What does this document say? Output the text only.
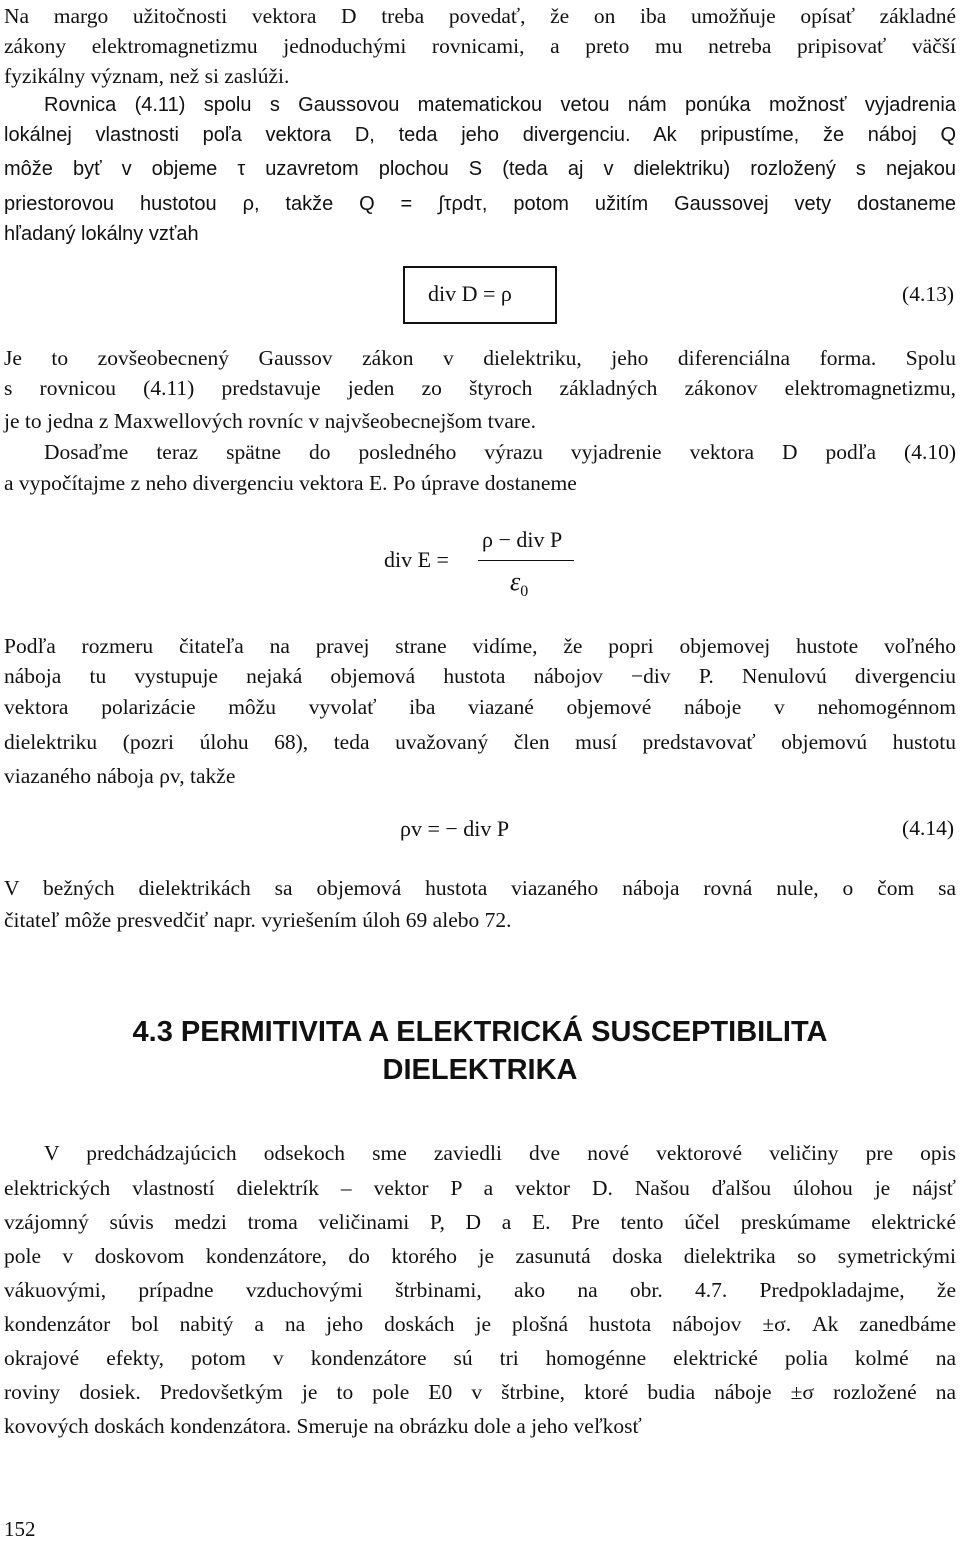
Na margo užitočnosti vektora D treba povedať, že on iba umožňuje opísať základné
zákony elektromagnetizmu jednoduchými rovnicami, a preto mu netreba pripisovať väčší
fyzikálny význam, než si zaslúži.
Rovnica (4.11) spolu s Gaussovou matematickou vetou nám ponúka možnosť vyjadrenia
lokálnej vlastnosti poľa vektora D, teda jeho divergenciu. Ak pripustíme, že náboj Q
môže byť v objeme τ uzavretom plochou S (teda aj v dielektriku) rozložený s nejakou
priestorovou hustotou ρ, takže Q = ∫τρdτ, potom užitím Gaussovej vety dostaneme
hľadaný lokálny vzťah
div D = ρ	(4.13)
Je to zovšeobecnený Gaussov zákon v dielektriku, jeho diferenciálna forma. Spolu
s rovnicou (4.11) predstavuje jeden zo štyroch základných zákonov elektromagnetizmu,
je to jedna z Maxwellových rovníc v najvšeobecnejšom tvare.
Dosaďme teraz spätne do posledného výrazu vyjadrenie vektora D podľa (4.10)
a vypočítajme z neho divergenciu vektora E. Po úprave dostaneme
div E =
ρ − div P
$\varepsilon_0$
Podľa rozmeru čitateľa na pravej strane vidíme, že popri objemovej hustote voľného
náboja tu vystupuje nejaká objemová hustota nábojov −div P. Nenulovú divergenciu
vektora polarizácie môžu vyvolať iba viazané objemové náboje v nehomogénnom
dielektriku (pozri úlohu 68), teda uvažovaný člen musí predstavovať objemovú hustotu
viazaného náboja ρv, takže
ρv = − div P	(4.14)
V bežných dielektrikách sa objemová hustota viazaného náboja rovná nule, o čom sa
čitateľ môže presvedčiť napr. vyriešením úloh 69 alebo 72.
4.3 PERMITIVITA A ELEKTRICKÁ SUSCEPTIBILITA
DIELEKTRIKA
V predchádzajúcich odsekoch sme zaviedli dve nové vektorové veličiny pre opis
elektrických vlastností dielektrík – vektor P a vektor D. Našou ďalšou úlohou je nájsť
vzájomný súvis medzi troma veličinami P, D a E. Pre tento účel preskúmame elektrické
pole v doskovom kondenzátore, do ktorého je zasunutá doska dielektrika so symetrickými
vákuovými, prípadne vzduchovými štrbinami, ako na obr. 4.7. Predpokladajme, že
kondenzátor bol nabitý a na jeho doskách je plošná hustota nábojov ±σ. Ak zanedbáme
okrajové efekty, potom v kondenzátore sú tri homogénne elektrické polia kolmé na
roviny dosiek. Predovšetkým je to pole E0 v štrbine, ktoré budia náboje ±σ rozložené na
kovových doskách kondenzátora. Smeruje na obrázku dole a jeho veľkosť
152
